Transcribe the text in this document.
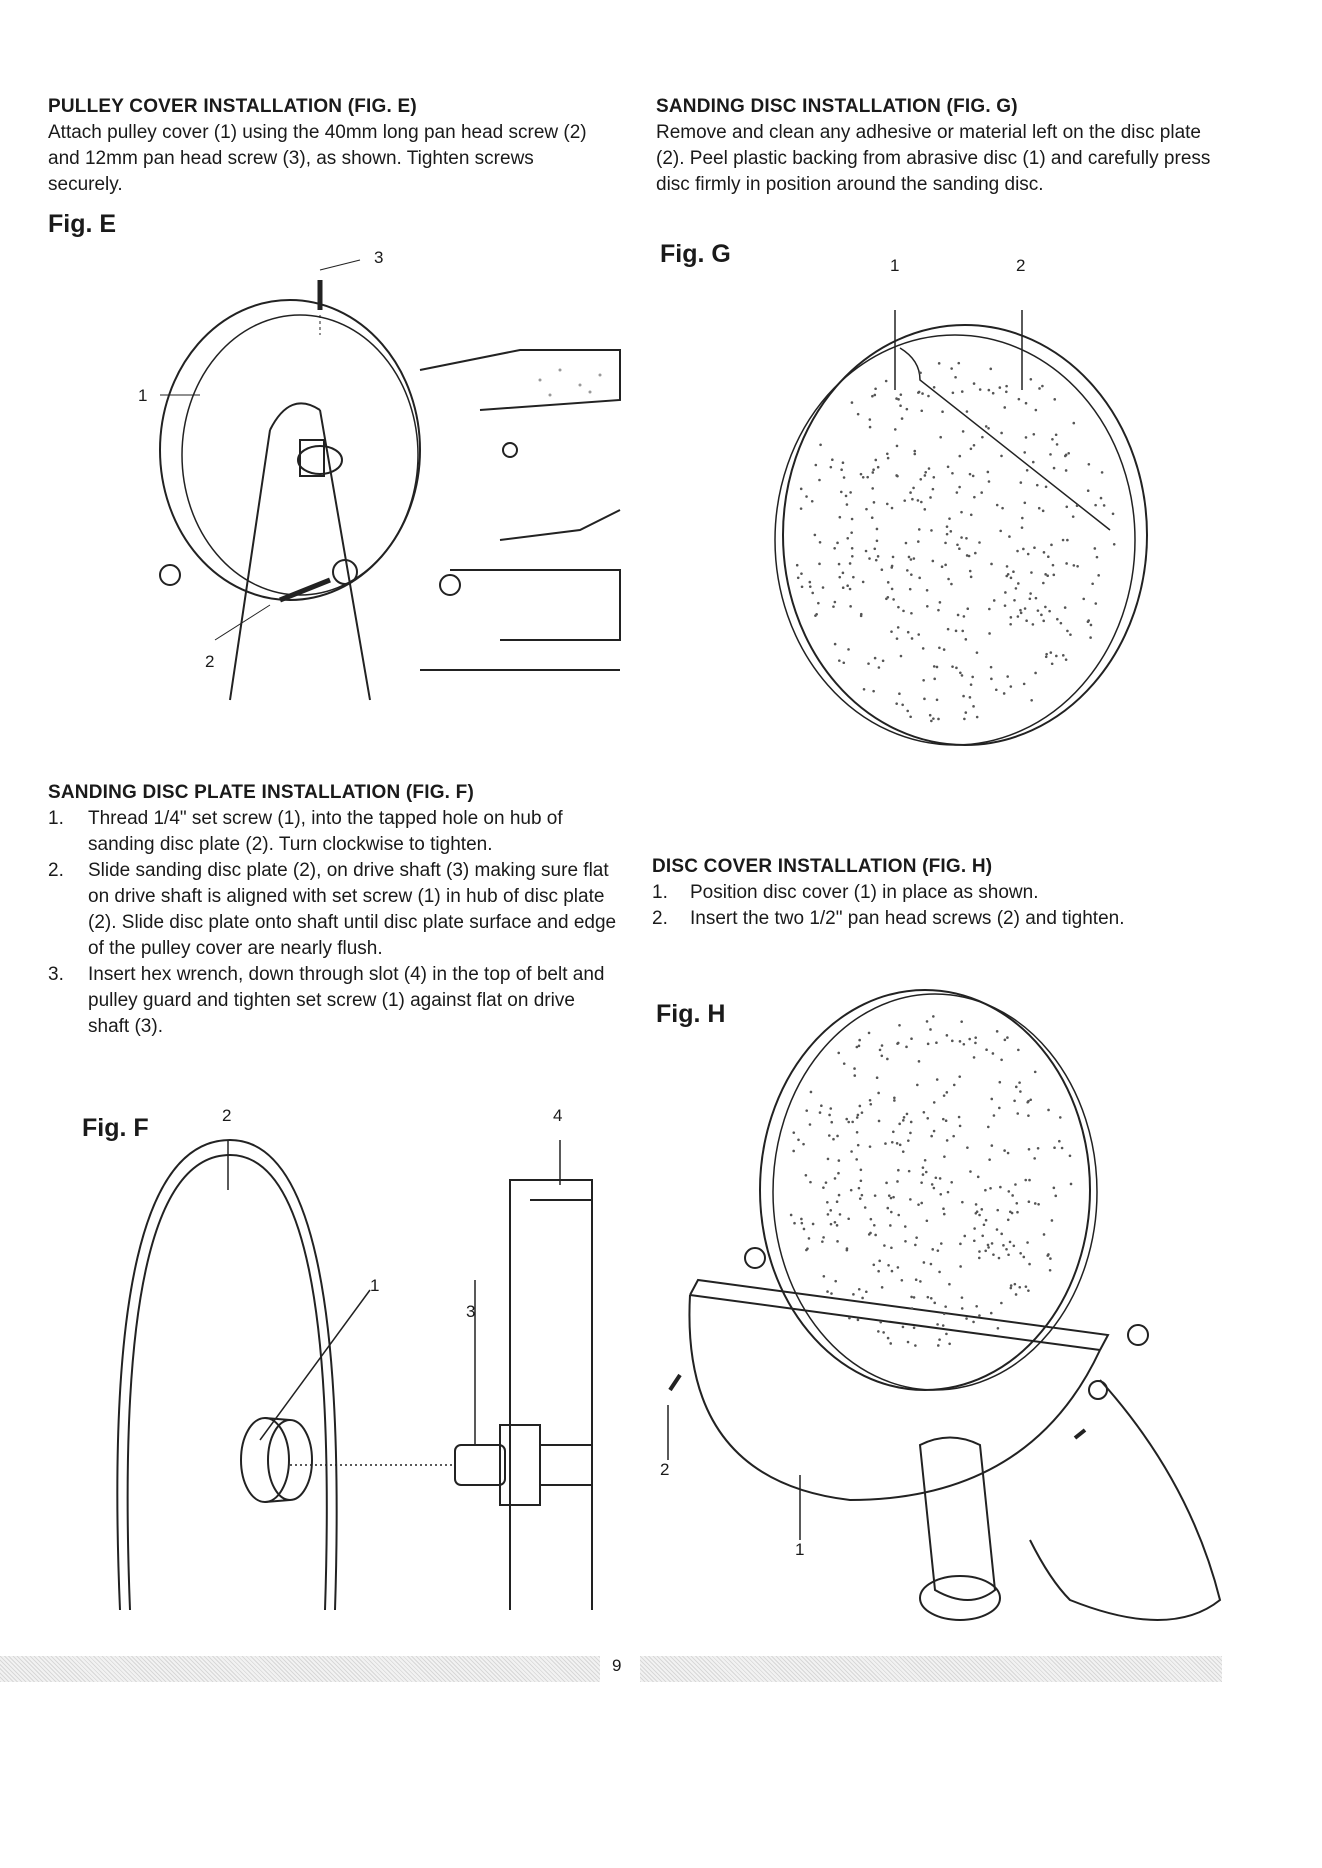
PULLEY COVER INSTALLATION (FIG. E)
Attach pulley cover (1) using the 40mm long pan head screw (2) and 12mm pan head screw (3), as shown. Tighten screws securely.
Fig. E
1
2
3
SANDING DISC INSTALLATION (FIG. G)
Remove and clean any adhesive or material left on the disc plate (2). Peel plastic backing from abrasive disc (1) and carefully press disc firmly in position around the sanding disc.
Fig. G	1	2
SANDING DISC PLATE INSTALLATION (FIG. F)
1. Thread 1/4" set screw (1), into the tapped hole on hub of sanding disc plate (2). Turn clockwise to tighten.
2. Slide sanding disc plate (2), on drive shaft (3) making sure flat on drive shaft is aligned with set screw (1) in hub of disc plate (2). Slide disc plate onto shaft until disc plate surface and edge of the pulley cover are nearly flush.
3. Insert hex wrench, down through slot (4) in the top of belt and pulley guard and tighten set screw (1) against flat on drive shaft (3).
Fig. F	2
1
3
4
DISC COVER INSTALLATION (FIG. H)
1. Position disc cover (1) in place as shown.
2. Insert the two 1/2" pan head screws (2) and tighten.
Fig. H
2
1
9
